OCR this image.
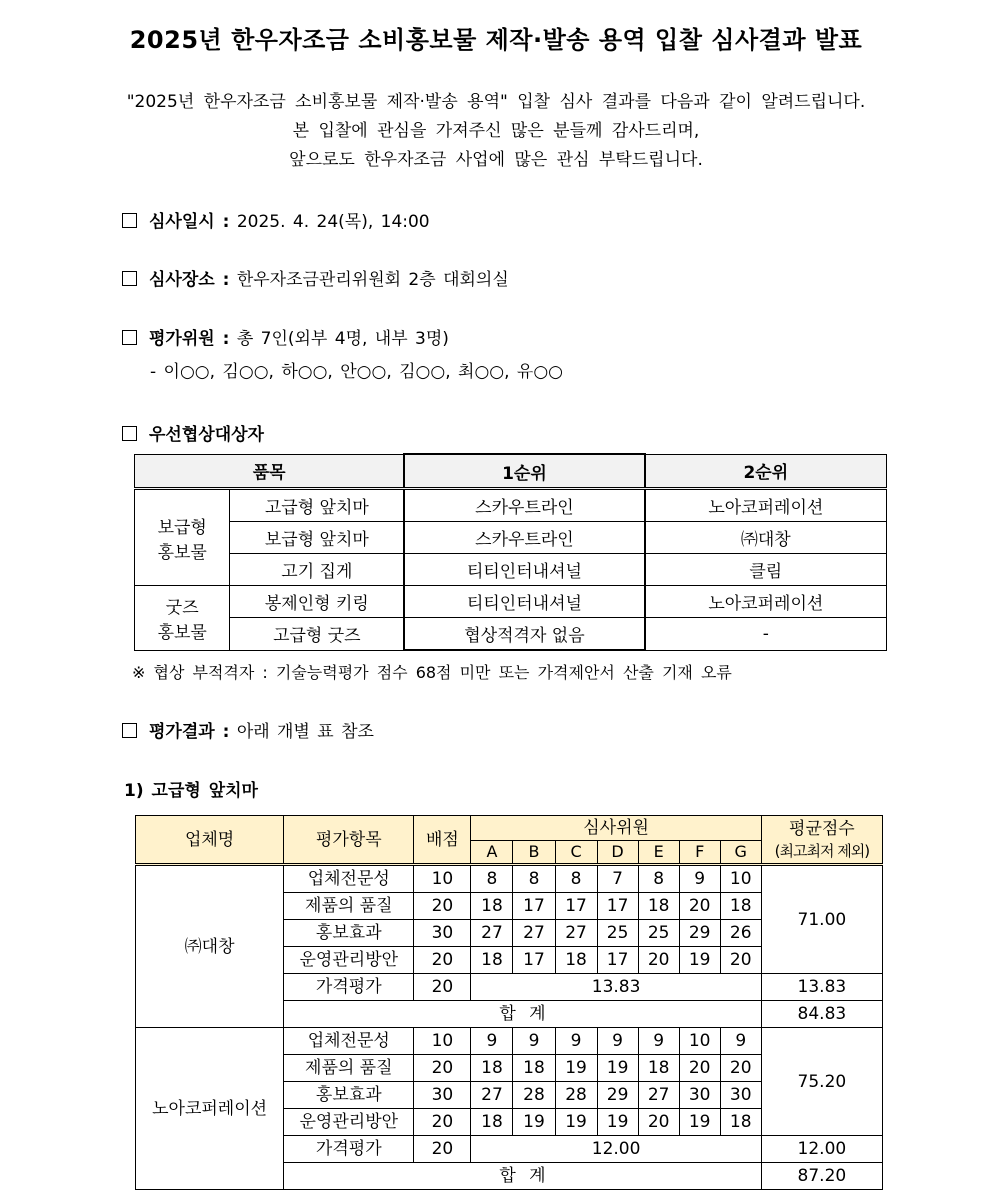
2025년 한우자조금 소비홍보물 제작·발송 용역 입찰 심사결과 발표
"2025년 한우자조금 소비홍보물 제작·발송 용역" 입찰 심사 결과를 다음과 같이 알려드립니다.
본 입찰에 관심을 가져주신 많은 분들께 감사드리며,
앞으로도 한우자조금 사업에 많은 관심 부탁드립니다.
심사일시 : 2025. 4. 24(목), 14:00
심사장소 : 한우자조금관리위원회 2층 대회의실
평가위원 : 총 7인(외부 4명, 내부 3명)
- 이○○, 김○○, 하○○, 안○○, 김○○, 최○○, 유○○
우선협상대상자
품목		1순위	2순위
보급형
홍보물	고급형 앞치마	스카우트라인	노아코퍼레이션
	보급형 앞치마	스카우트라인	㈜대창
	고기 집게	티티인터내셔널	클림
굿즈
홍보물	봉제인형 키링	티티인터내셔널	노아코퍼레이션
	고급형 굿즈	협상적격자 없음	-
※ 협상 부적격자 : 기술능력평가 점수 68점 미만 또는 가격제안서 산출 기재 오류
평가결과 : 아래 개별 표 참조
1) 고급형 앞치마
업체명	평가항목	배점	심사위원							평균점수
(최고최저 제외)

			A	B	C	D	E	F	G	
㈜대창	업체전문성	10	8	8	8	7	8	9	10	71.00
	제품의 품질	20	18	17	17	17	18	20	18	
	홍보효과	30	27	27	27	25	25	29	26	
	운영관리방안	20	18	17	18	17	20	19	20	
	가격평가	20	13.83							13.83
	합 계									84.83
노아코퍼레이션	업체전문성	10	9	9	9	9	9	10	9	75.20
	제품의 품질	20	18	18	19	19	18	20	20	
	홍보효과	30	27	28	28	29	27	30	30	
	운영관리방안	20	18	19	19	19	20	19	18	
	가격평가	20	12.00							12.00
	합 계									87.20
